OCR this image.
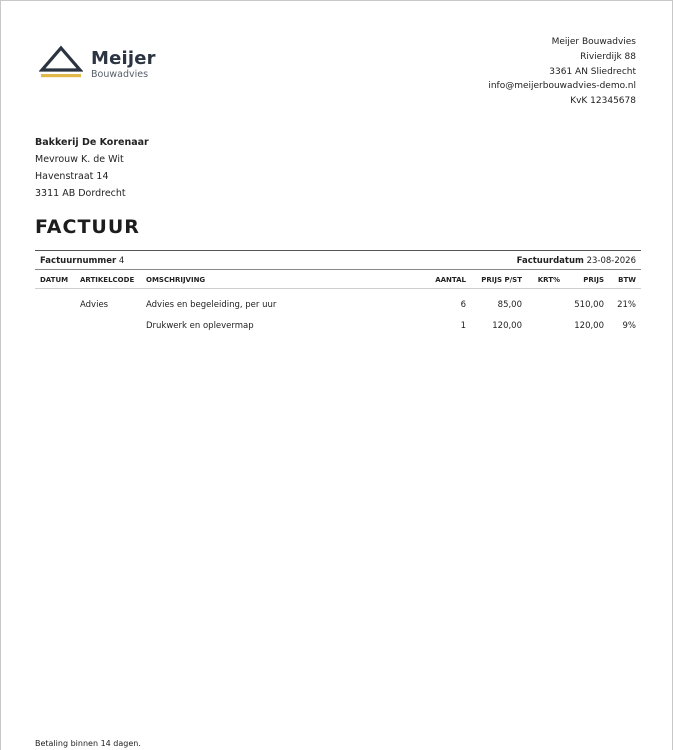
Meijer
Bouwadvies
Meijer Bouwadvies
Rivierdijk 88
3361 AN Sliedrecht
info@meijerbouwadvies-demo.nl
KvK 12345678
Bakkerij De Korenaar
Mevrouw K. de Wit
Havenstraat 14
3311 AB Dordrecht
FACTUUR
Factuurnummer 4	Factuurdatum 23-08-2026
DATUM	ARTIKELCODE	OMSCHRIJVING	AANTAL	PRIJS P/ST	KRT%	PRIJS	BTW
	Advies	Advies en begeleiding, per uur	6	85,00		510,00	21%
		Drukwerk en oplevermap	1	120,00		120,00	9%
Betaling binnen 14 dagen.
